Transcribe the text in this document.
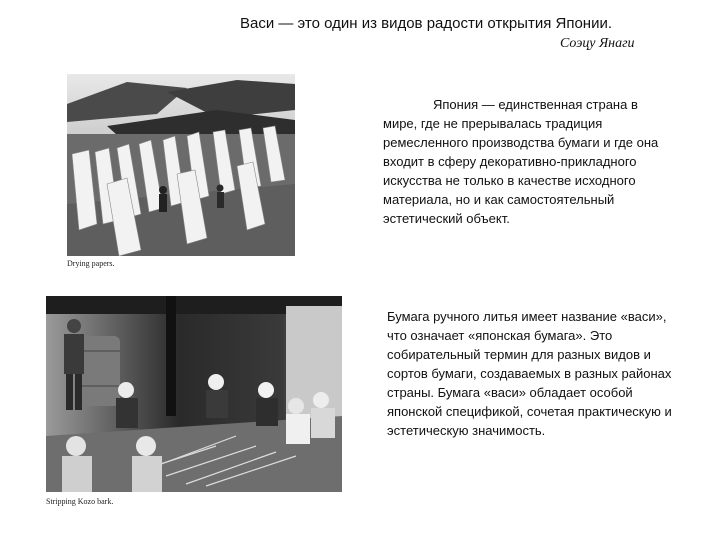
Васи — это один из видов радости открытия Японии.
Соэцу Янаги
Drying papers.
Япония — единственная страна в мире, где не прерывалась традиция ремесленного производства бумаги и где она входит в сферу декоративно-прикладного искусства не только в качестве исходного материала, но и как самостоятельный эстетический объект.
Stripping Kozo bark.
Бумага ручного литья имеет название «васи», что означает «японская бумага». Это собирательный термин для разных видов и сортов бумаги, создаваемых в разных районах страны. Бумага «васи» обладает особой японской спецификой, сочетая практическую и эстетическую значимость.
